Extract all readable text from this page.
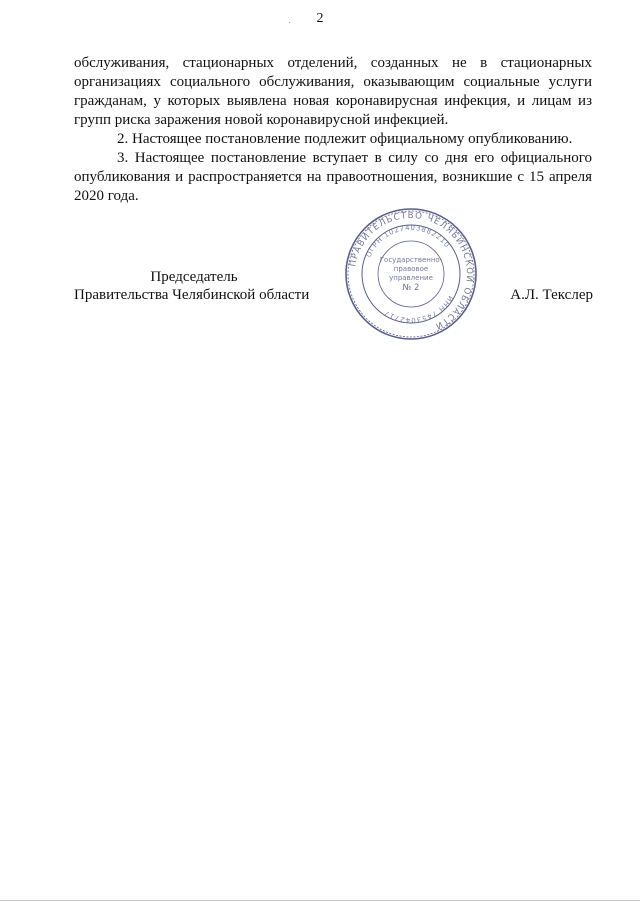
2

обслуживания, стационарных отделений, созданных не в стационарных организациях социального обслуживания, оказывающим социальные услуги гражданам, у которых выявлена новая коронавирусная инфекция, и лицам из групп риска заражения новой коронавирусной инфекцией.

2. Настоящее постановление подлежит официальному опубликованию.

3. Настоящее постановление вступает в силу со дня его официального опубликования и распространяется на правоотношения, возникшие с 15 апреля 2020 года.

Председатель
Правительства Челябинской области	А.Л. Текслер
ПРАВИТЕЛЬСТВО ЧЕЛЯБИНСКОЙ ОБЛАСТИ
ОГРН 1027403882210
ИНН 7453042717
Государственно-
правовое
управление
№ 2
